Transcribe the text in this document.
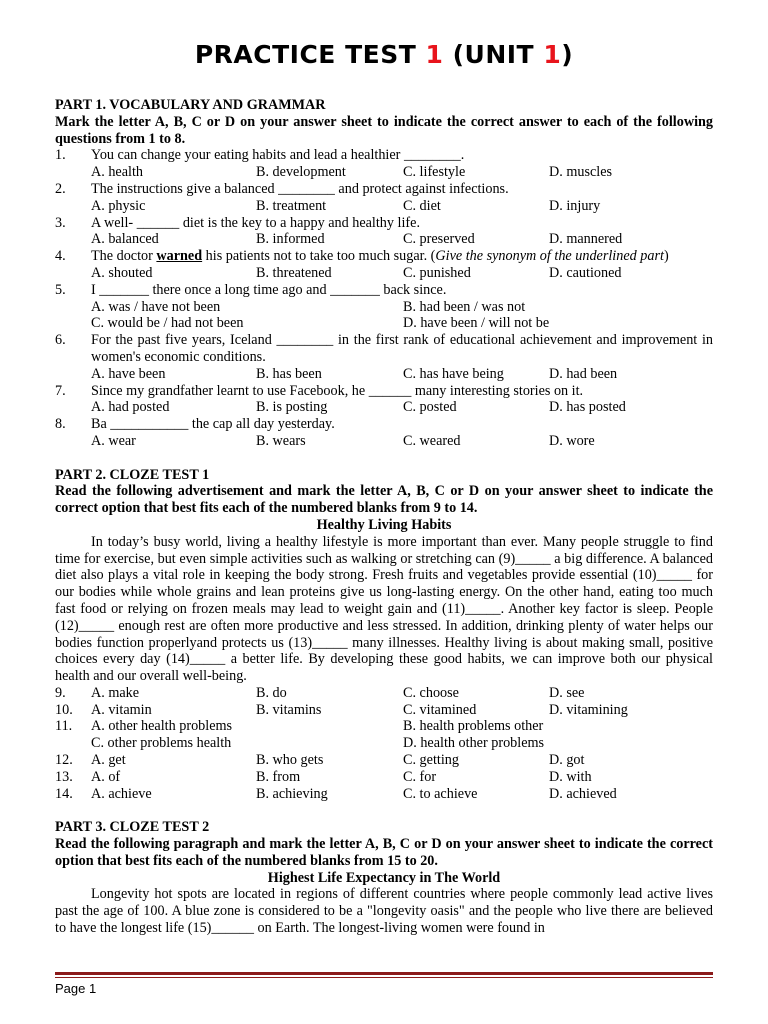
PRACTICE TEST 1 (UNIT 1)
PART 1. VOCABULARY AND GRAMMAR
Mark the letter A, B, C or D on your answer sheet to indicate the correct answer to each of the following questions from 1 to 8.
1. You can change your eating habits and lead a healthier ________.
A. health	B. development	C. lifestyle	D. muscles
2. The instructions give a balanced ________ and protect against infections.
A. physic	B. treatment	C. diet	D. injury
3. A well- ______ diet is the key to a happy and healthy life.
A. balanced	B. informed	C. preserved	D. mannered
4. The doctor warned his patients not to take too much sugar. (Give the synonym of the underlined part)
A. shouted	B. threatened	C. punished	D. cautioned
5. I _______ there once a long time ago and _______ back since.
A. was / have not been	B. had been / was not
C. would be / had not been	D. have been / will not be
6. For the past five years, Iceland ________ in the first rank of educational achievement and improvement in women's economic conditions.
A. have been	B. has been	C. has have being	D. had been
7. Since my grandfather learnt to use Facebook, he ______ many interesting stories on it.
A. had posted	B. is posting	C. posted	D. has posted
8. Ba ___________ the cap all day yesterday.
A. wear	B. wears	C. weared	D. wore
PART 2. CLOZE TEST 1
Read the following advertisement and mark the letter A, B, C or D on your answer sheet to indicate the correct option that best fits each of the numbered blanks from 9 to 14.
Healthy Living Habits
In today’s busy world, living a healthy lifestyle is more important than ever. Many people struggle to find time for exercise, but even simple activities such as walking or stretching can (9)_____ a big difference. A balanced diet also plays a vital role in keeping the body strong. Fresh fruits and vegetables provide essential (10)_____ for our bodies while whole grains and lean proteins give us long-lasting energy. On the other hand, eating too much fast food or relying on frozen meals may lead to weight gain and (11)_____. Another key factor is sleep. People (12)_____ enough rest are often more productive and less stressed. In addition, drinking plenty of water helps our bodies function properlyand protects us (13)_____ many illnesses. Healthy living is about making small, positive choices every day (14)_____ a better life. By developing these good habits, we can improve both our physical health and our overall well-being.
9. A. make	B. do	C. choose	D. see
10. A. vitamin	B. vitamins	C. vitamined	D. vitamining
11. A. other health problems	B. health problems other
C. other problems health	D. health other problems
12. A. get	B. who gets	C. getting	D. got
13. A. of	B. from	C. for	D. with
14. A. achieve	B. achieving	C. to achieve	D. achieved
PART 3. CLOZE TEST 2
Read the following paragraph and mark the letter A, B, C or D on your answer sheet to indicate the correct option that best fits each of the numbered blanks from 15 to 20.
Highest Life Expectancy in The World
Longevity hot spots are located in regions of different countries where people commonly lead active lives past the age of 100. A blue zone is considered to be a "longevity oasis" and the people who live there are believed to have the longest life (15)______ on Earth. The longest-living women were found in
Page 1
